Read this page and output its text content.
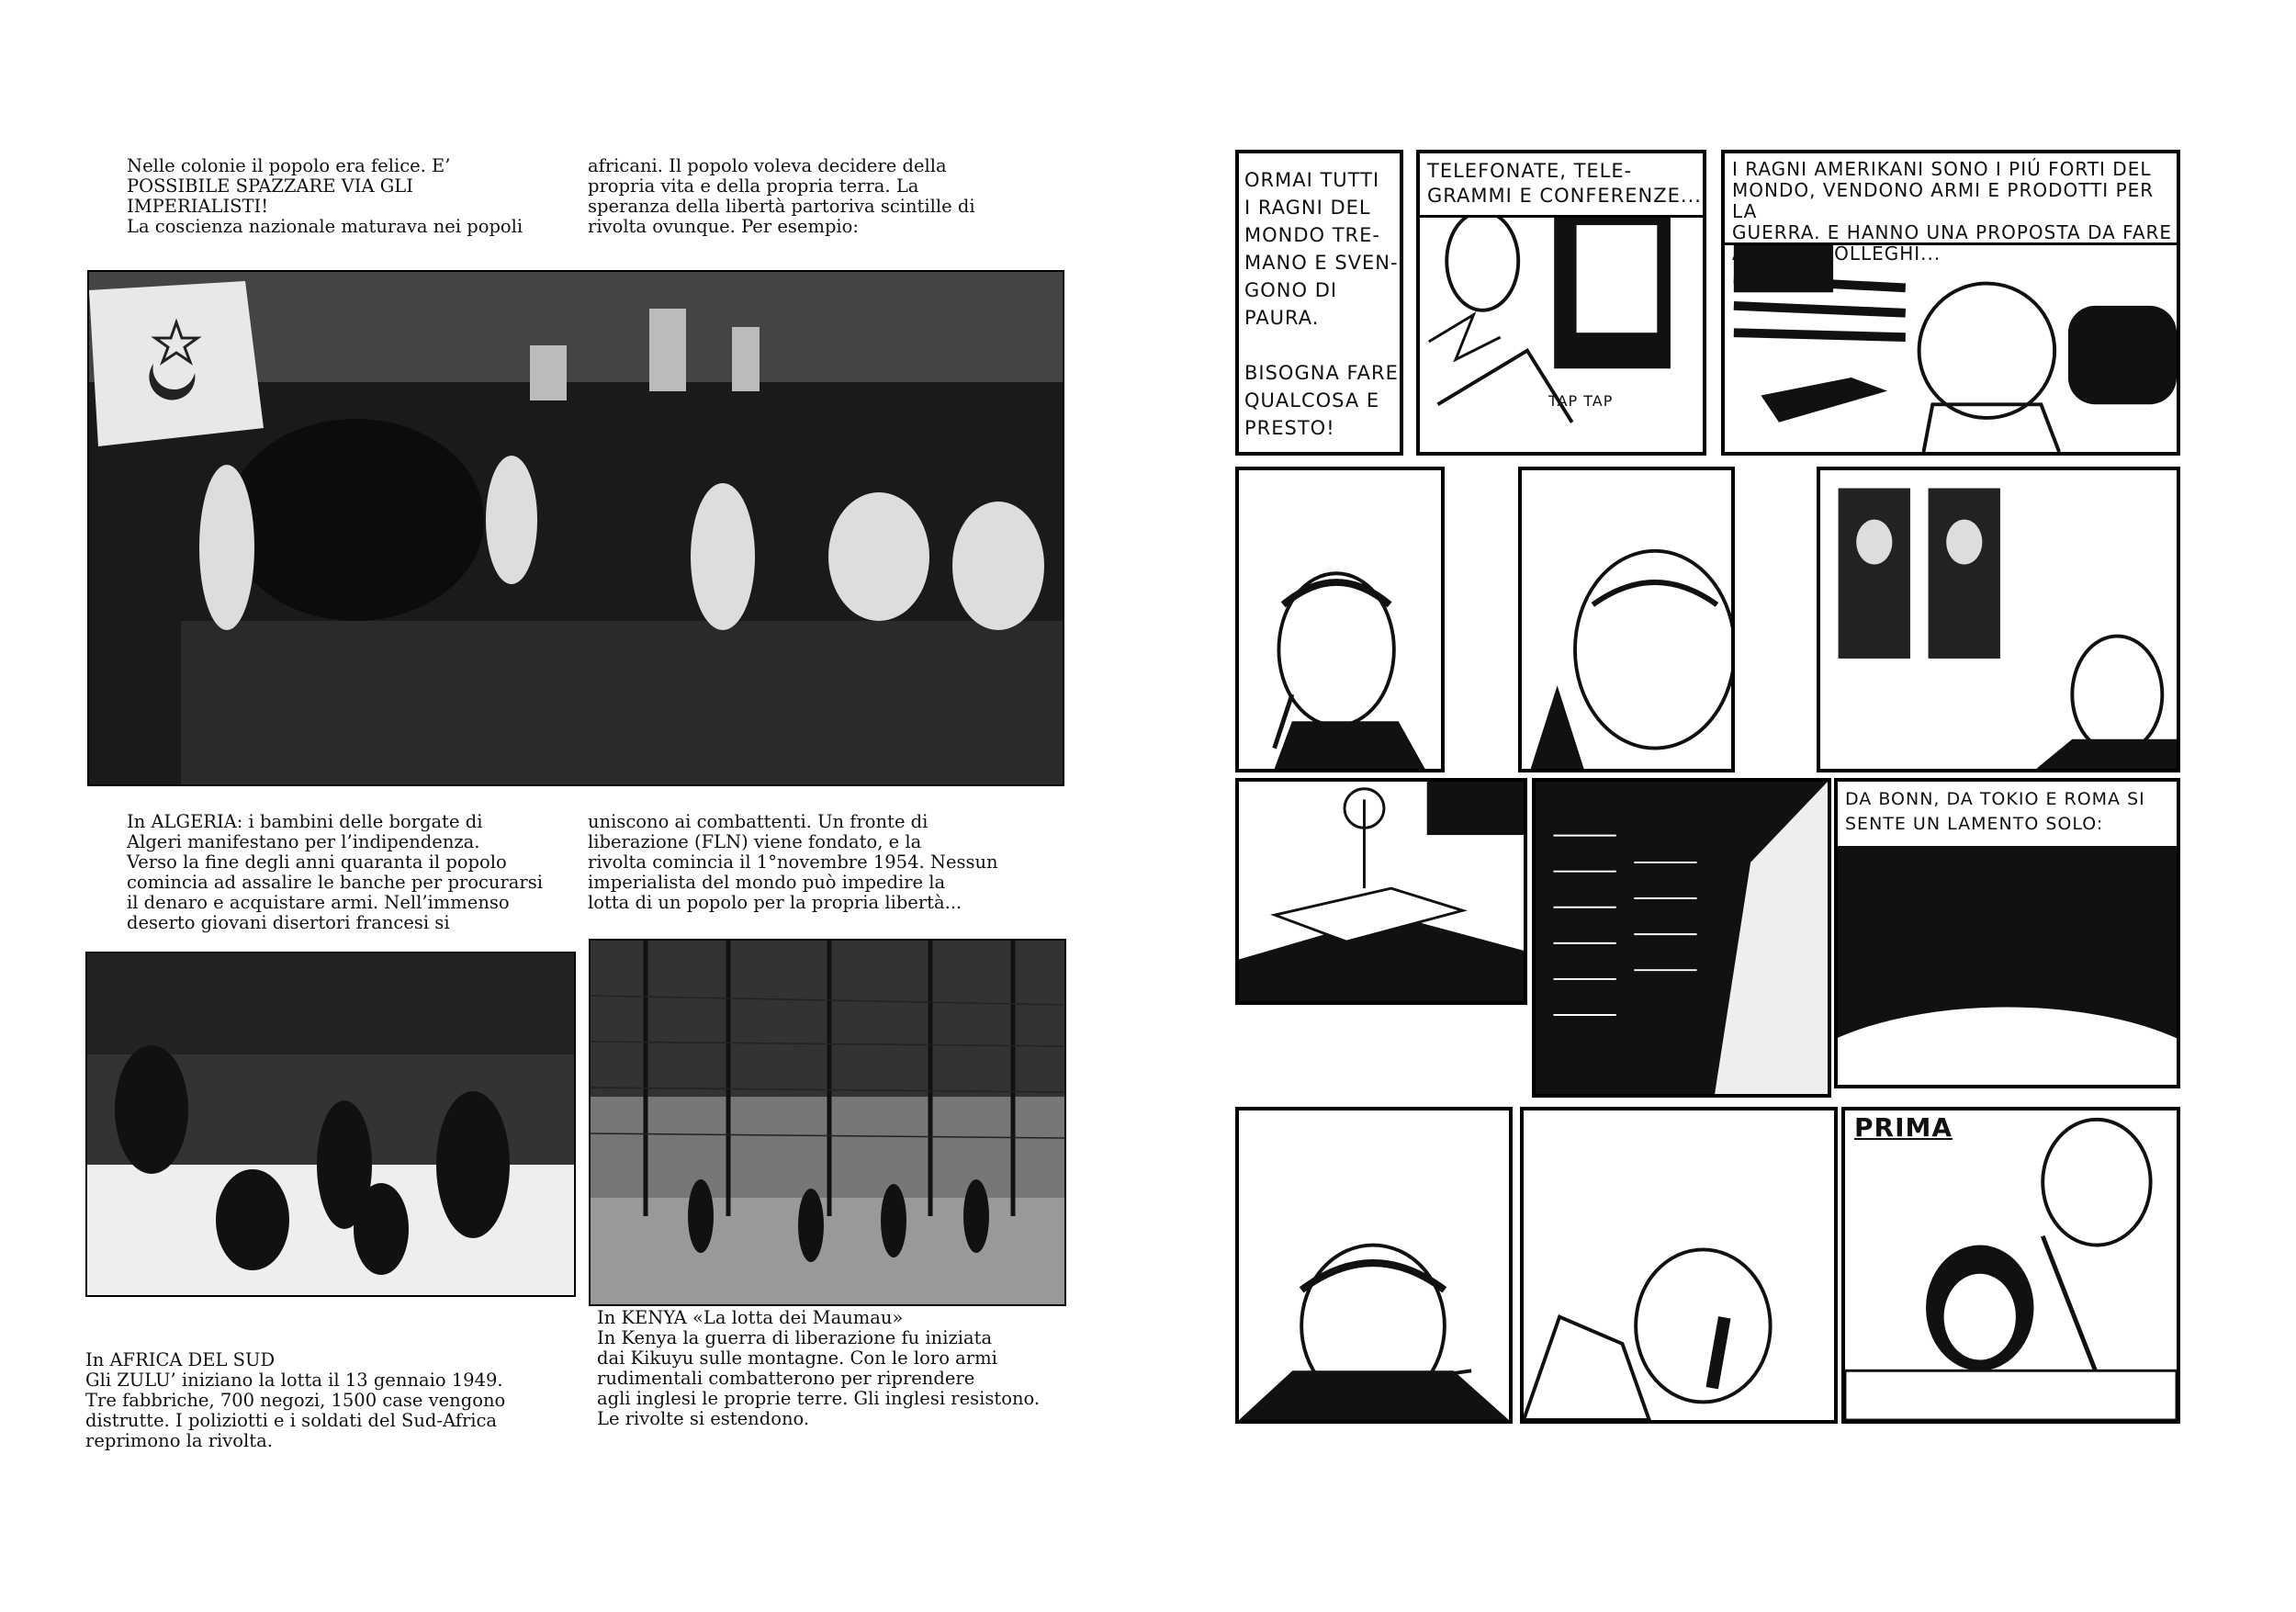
Nelle colonie il popolo era felice. E’
POSSIBILE SPAZZARE VIA GLI
IMPERIALISTI!
La coscienza nazionale maturava nei popoli
africani. Il popolo voleva decidere della
propria vita e della propria terra. La
speranza della libertà partoriva scintille di
rivolta ovunque. Per esempio:
In ALGERIA: i bambini delle borgate di
Algeri manifestano per l’indipendenza.
Verso la fine degli anni quaranta il popolo
comincia ad assalire le banche per procurarsi
il denaro e acquistare armi. Nell’immenso
deserto giovani disertori francesi si
uniscono ai combattenti. Un fronte di
liberazione (FLN) viene fondato, e la
rivolta comincia il 1°novembre 1954. Nessun
imperialista del mondo può impedire la
lotta di un popolo per la propria libertà...
In AFRICA DEL SUD
Gli ZULU’ iniziano la lotta il 13 gennaio 1949.
Tre fabbriche, 700 negozi, 1500 case vengono
distrutte. I poliziotti e i soldati del Sud-Africa
reprimono la rivolta.
In KENYA «La lotta dei Maumau»
In Kenya la guerra di liberazione fu iniziata
dai Kikuyu sulle montagne. Con le loro armi
rudimentali combatterono per riprendere
agli inglesi le proprie terre. Gli inglesi resistono.
Le rivolte si estendono.
ORMAI TUTTI
I RAGNI DEL
MONDO TRE-
MANO E SVEN-
GONO DI
PAURA.

BISOGNA FARE
QUALCOSA E
PRESTO!
TELEFONATE, TELE-
GRAMMI E CONFERENZE...
TAP TAP
I RAGNI AMERIKANI SONO I PIÚ FORTI DEL
MONDO, VENDONO ARMI E PRODOTTI PER LA
GUERRA. E HANNO UNA PROPOSTA DA FARE
AI LORO COLLEGHI...
DA BONN, DA TOKIO E ROMA SI
SENTE UN LAMENTO SOLO:
PRIMA
